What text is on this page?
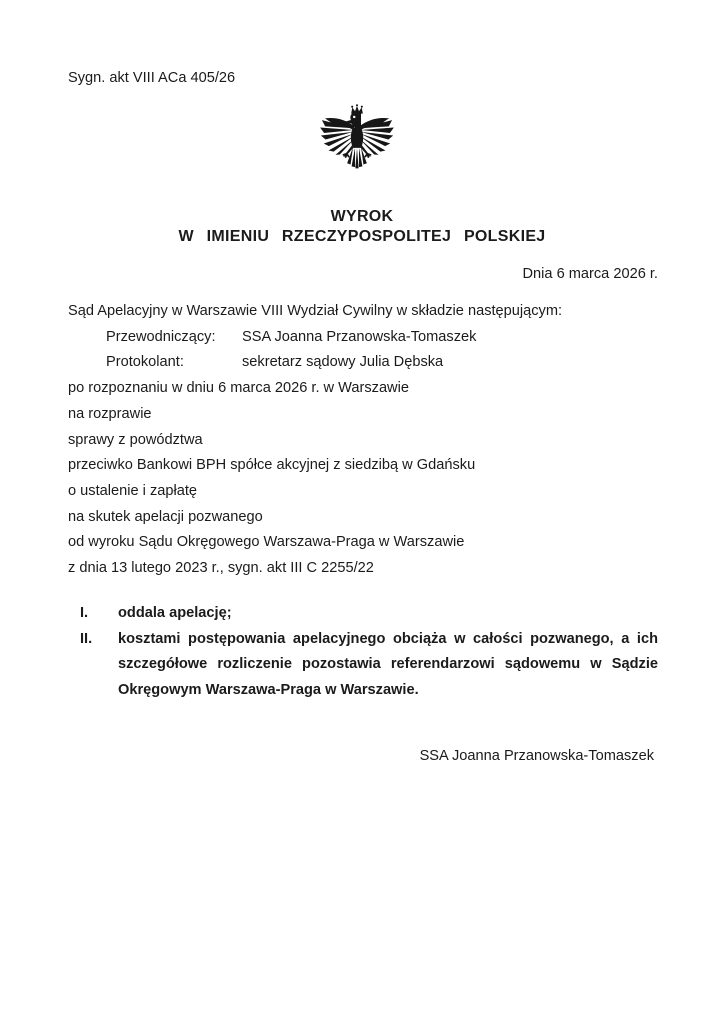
Sygn. akt VIII ACa 405/26
WYROK
W IMIENIU RZECZYPOSPOLITEJ POLSKIEJ
Dnia 6 marca 2026 r.
Sąd Apelacyjny w Warszawie VIII Wydział Cywilny w składzie następującym:
Przewodniczący:	SSA Joanna Przanowska-Tomaszek
Protokolant:	sekretarz sądowy Julia Dębska
po rozpoznaniu w dniu 6 marca 2026 r. w Warszawie
na rozprawie
sprawy z powództwa
przeciwko Bankowi BPH spółce akcyjnej z siedzibą w Gdańsku
o ustalenie i zapłatę
na skutek apelacji pozwanego
od wyroku Sądu Okręgowego Warszawa-Praga w Warszawie
z dnia 13 lutego 2023 r., sygn. akt III C 2255/22
I.	oddala apelację;
II.	kosztami postępowania apelacyjnego obciąża w całości pozwanego, a ich szczegółowe rozliczenie pozostawia referendarzowi sądowemu w Sądzie Okręgowym Warszawa-Praga w Warszawie.
SSA Joanna Przanowska-Tomaszek
